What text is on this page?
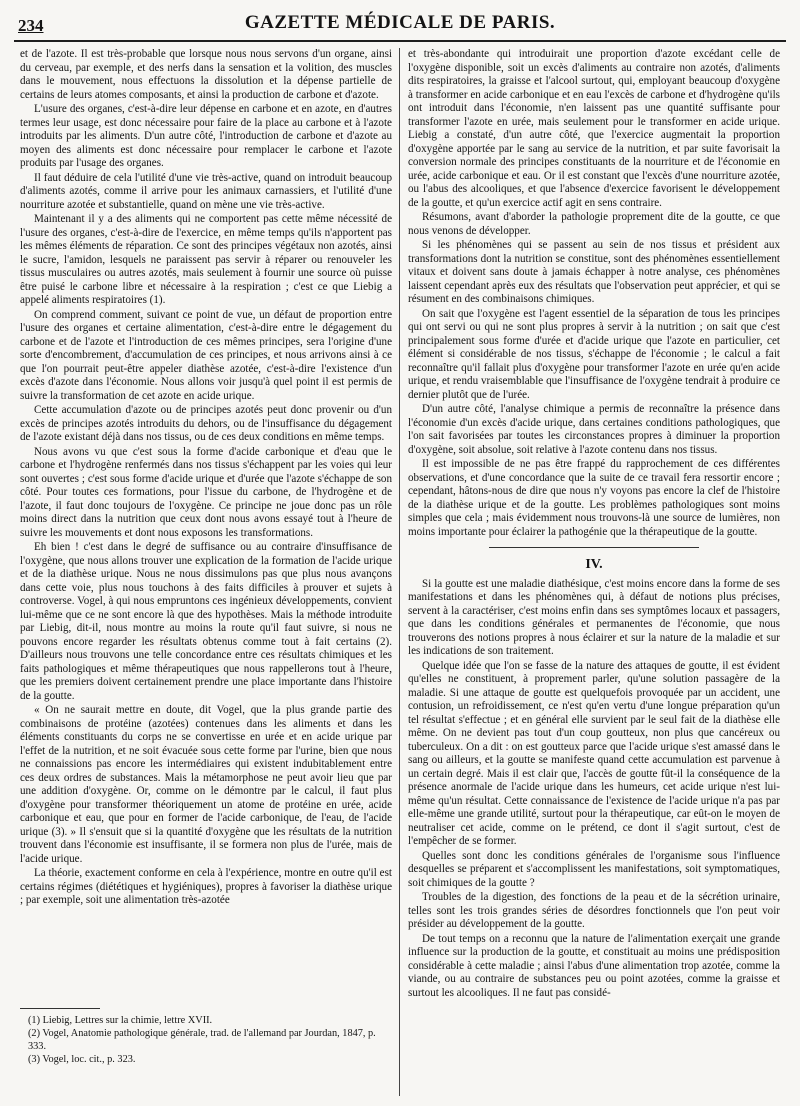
234	GAZETTE MÉDICALE DE PARIS.

et de l'azote. Il est très-probable que lorsque nous nous servons d'un organe, ainsi du cerveau, par exemple, et des nerfs dans la sensation et la volition, des muscles dans le mouvement, nous effectuons la dissolution et la dépense partielle de certains de leurs atomes composants, et ainsi la production de carbone et d'azote.

L'usure des organes, c'est-à-dire leur dépense en carbone et en azote, en d'autres termes leur usage, est donc nécessaire pour faire de la place au carbone et à l'azote introduits par les aliments. D'un autre côté, l'introduction de carbone et d'azote au moyen des aliments est donc nécessaire pour remplacer le carbone et l'azote produits par l'usage des organes.

Il faut déduire de cela l'utilité d'une vie très-active, quand on introduit beaucoup d'aliments azotés, comme il arrive pour les animaux carnassiers, et l'utilité d'une nourriture azotée et substantielle, quand on mène une vie très-active.

Maintenant il y a des aliments qui ne comportent pas cette même nécessité de l'usure des organes, c'est-à-dire de l'exercice, en même temps qu'ils n'apportent pas les mêmes éléments de réparation. Ce sont des principes végétaux non azotés, ainsi le sucre, l'amidon, lesquels ne paraissent pas servir à réparer ou renouveler les tissus musculaires ou autres azotés, mais seulement à fournir une source où puisse être puisé le carbone libre et nécessaire à la respiration ; c'est ce que Liebig a appelé aliments respiratoires (1).

On comprend comment, suivant ce point de vue, un défaut de proportion entre l'usure des organes et certaine alimentation, c'est-à-dire entre le dégagement du carbone et de l'azote et l'introduction de ces mêmes principes, sera l'origine d'une sorte d'encombrement, d'accumulation de ces principes, et nous arrivons ainsi à ce que l'on pourrait peut-être appeler diathèse azotée, c'est-à-dire l'existence d'un excès d'azote dans l'économie. Nous allons voir jusqu'à quel point il est permis de suivre la transformation de cet azote en acide urique.

Cette accumulation d'azote ou de principes azotés peut donc provenir ou d'un excès de principes azotés introduits du dehors, ou de l'insuffisance du dégagement de l'azote existant déjà dans nos tissus, ou de ces deux conditions en même temps.

Nous avons vu que c'est sous la forme d'acide carbonique et d'eau que le carbone et l'hydrogène renfermés dans nos tissus s'échappent par les voies qui leur sont ouvertes ; c'est sous forme d'acide urique et d'urée que l'azote s'échappe de son côté. Pour toutes ces formations, pour l'issue du carbone, de l'hydrogène et de l'azote, il faut donc toujours de l'oxygène. Ce principe ne joue donc pas un rôle moins direct dans la nutrition que ceux dont nous avons essayé tout à l'heure de suivre les mouvements et dont nous exposons les transformations.

Eh bien ! c'est dans le degré de suffisance ou au contraire d'insuffisance de l'oxygène, que nous allons trouver une explication de la formation de l'acide urique et de la diathèse urique. Nous ne nous dissimulons pas que plus nous avançons dans cette voie, plus nous touchons à des faits difficiles à prouver et sujets à controverse. Vogel, à qui nous empruntons ces ingénieux développements, convient lui-même que ce ne sont encore là que des hypothèses. Mais la méthode introduite par Liebig, dit-il, nous montre au moins la route qu'il faut suivre, si nous ne pouvons encore regarder les résultats obtenus comme tout à fait certains (2). D'ailleurs nous trouvons une telle concordance entre ces résultats chimiques et les faits pathologiques et même thérapeutiques que nous rappellerons tout à l'heure, que les premiers doivent certainement prendre une place importante dans l'histoire de la goutte.

« On ne saurait mettre en doute, dit Vogel, que la plus grande partie des combinaisons de protéine (azotées) contenues dans les aliments et dans les éléments constituants du corps ne se convertisse en urée et en acide urique par l'effet de la nutrition, et ne soit évacuée sous cette forme par l'urine, bien que nous ne connaissions pas encore les intermédiaires qui existent indubitablement entre ces deux ordres de substances. Mais la métamorphose ne peut avoir lieu que par une addition d'oxygène. Or, comme on le démontre par le calcul, il faut plus d'oxygène pour transformer théoriquement un atome de protéine en urée, acide carbonique et eau, que pour en former de l'acide carbonique, de l'eau, de l'acide urique (3). » Il s'ensuit que si la quantité d'oxygène que les résultats de la nutrition trouvent dans l'économie est insuffisante, il se formera non plus de l'urée, mais de l'acide urique.

La théorie, exactement conforme en cela à l'expérience, montre en outre qu'il est certains régimes (diététiques et hygiéniques), propres à favoriser la diathèse urique ; par exemple, soit une alimentation très-azotée

(1) Liebig, Lettres sur la chimie, lettre XVII.

(2) Vogel, Anatomie pathologique générale, trad. de l'allemand par Jourdan, 1847, p. 333.

(3) Vogel, loc. cit., p. 323.

et très-abondante qui introduirait une proportion d'azote excédant celle de l'oxygène disponible, soit un excès d'aliments au contraire non azotés, d'aliments dits respiratoires, la graisse et l'alcool surtout, qui, employant beaucoup d'oxygène à transformer en acide carbonique et en eau l'excès de carbone et d'hydrogène qu'ils ont introduit dans l'économie, n'en laissent pas une quantité suffisante pour transformer l'azote en urée, mais seulement pour le transformer en acide urique. Liebig a constaté, d'un autre côté, que l'exercice augmentait la proportion d'oxygène apportée par le sang au service de la nutrition, et par suite favorisait la conversion normale des principes constituants de la nourriture et de l'économie en urée, acide carbonique et eau. Or il est constant que l'excès d'une nourriture azotée, ou l'abus des alcooliques, et que l'absence d'exercice favorisent le développement de la goutte, et qu'un exercice actif agit en sens contraire.

Résumons, avant d'aborder la pathologie proprement dite de la goutte, ce que nous venons de développer.

Si les phénomènes qui se passent au sein de nos tissus et président aux transformations dont la nutrition se constitue, sont des phénomènes essentiellement vitaux et doivent sans doute à jamais échapper à notre analyse, ces phénomènes laissent cependant après eux des résultats que l'observation peut apprécier, et qui se résument en des combinaisons chimiques.

On sait que l'oxygène est l'agent essentiel de la séparation de tous les principes qui ont servi ou qui ne sont plus propres à servir à la nutrition ; on sait que c'est principalement sous forme d'urée et d'acide urique que l'azote en particulier, cet élément si considérable de nos tissus, s'échappe de l'économie ; le calcul a fait reconnaître qu'il fallait plus d'oxygène pour transformer l'azote en urée qu'en acide urique, et rendu vraisemblable que l'insuffisance de l'oxygène tendrait à produire ce dernier plutôt que de l'urée.

D'un autre côté, l'analyse chimique a permis de reconnaître la présence dans l'économie d'un excès d'acide urique, dans certaines conditions pathologiques, que l'on sait favorisées par toutes les circonstances propres à diminuer la proportion d'oxygène, soit absolue, soit relative à l'azote contenu dans nos tissus.

Il est impossible de ne pas être frappé du rapprochement de ces différentes observations, et d'une concordance que la suite de ce travail fera ressortir encore ; cependant, hâtons-nous de dire que nous n'y voyons pas encore la clef de l'histoire de la diathèse urique et de la goutte. Les problèmes pathologiques sont moins simples que cela ; mais évidemment nous trouvons-là une source de lumières, non moins importante pour éclairer la pathogénie que la thérapeutique de la goutte.

IV.

Si la goutte est une maladie diathésique, c'est moins encore dans la forme de ses manifestations et dans les phénomènes qui, à défaut de notions plus précises, servent à la caractériser, c'est moins enfin dans ses symptômes locaux et passagers, que dans les conditions générales et permanentes de l'économie, que nous trouverons des notions propres à nous éclairer et sur la nature de la maladie et sur les indications de son traitement.

Quelque idée que l'on se fasse de la nature des attaques de goutte, il est évident qu'elles ne constituent, à proprement parler, qu'une solution passagère de la maladie. Si une attaque de goutte est quelquefois provoquée par un accident, une contusion, un refroidissement, ce n'est qu'en vertu d'une longue préparation qu'un tel résultat s'effectue ; et en général elle survient par le seul fait de la diathèse elle même. On ne devient pas tout d'un coup goutteux, non plus que cancéreux ou tuberculeux. On a dit : on est goutteux parce que l'acide urique s'est amassé dans le sang ou ailleurs, et la goutte se manifeste quand cette accumulation est parvenue à un certain degré. Mais il est clair que, l'accès de goutte fût-il la conséquence de la présence anormale de l'acide urique dans les humeurs, cet acide urique n'est lui-même qu'un résultat. Cette connaissance de l'existence de l'acide urique n'a pas par elle-même une grande utilité, surtout pour la thérapeutique, car eût-on le moyen de neutraliser cet acide, comme on le prétend, ce dont il s'agit surtout, c'est de l'empêcher de se former.

Quelles sont donc les conditions générales de l'organisme sous l'influence desquelles se préparent et s'accomplissent les manifestations, soit symptomatiques, soit chimiques de la goutte ?

Troubles de la digestion, des fonctions de la peau et de la sécrétion urinaire, telles sont les trois grandes séries de désordres fonctionnels que l'on peut voir présider au développement de la goutte.

De tout temps on a reconnu que la nature de l'alimentation exerçait une grande influence sur la production de la goutte, et constituait au moins une prédisposition considérable à cette maladie ; ainsi l'abus d'une alimentation trop azotée, comme la viande, ou au contraire de substances peu ou point azotées, comme la graisse et surtout les alcooliques. Il ne faut pas considé-
